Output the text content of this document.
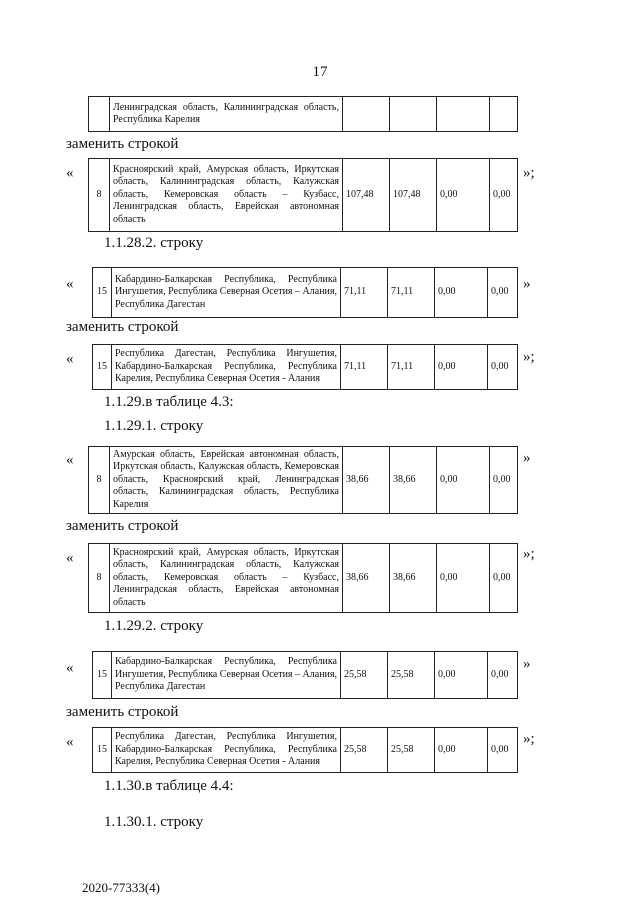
17
	Ленинградская область, Калининградская область, Республика Карелия				
заменить строкой
«
8	Красноярский край, Амурская область, Иркутская область, Калининградская область, Калужская область, Кемеровская область – Кузбасс, Ленинградская область, Еврейская автономная область	107,48	107,48	0,00	0,00
»;
1.1.28.2. строку
« 15	Кабардино-Балкарская Республика, Республика Ингушетия, Республика Северная Осетия – Алания, Республика Дагестан	71,11	71,11	0,00	0,00 »
заменить строкой
« 15	Республика Дагестан, Республика Ингушетия, Кабардино-Балкарская Республика, Республика Карелия, Республика Северная Осетия - Алания	71,11	71,11	0,00	0,00
»;
1.1.29.в таблице 4.3:
1.1.29.1. строку
«
8	Амурская область, Еврейская автономная область, Иркутская область, Калужская область, Кемеровская область, Красноярский край, Ленинградская область, Калининградская область, Республика Карелия	38,66	38,66	0,00	0,00
»
заменить строкой
«
8	Красноярский край, Амурская область, Иркутская область, Калининградская область, Калужская область, Кемеровская область – Кузбасс, Ленинградская область, Еврейская автономная область	38,66	38,66	0,00	0,00
»;
1.1.29.2. строку
« 15	Кабардино-Балкарская Республика, Республика Ингушетия, Республика Северная Осетия – Алания, Республика Дагестан	25,58	25,58	0,00	0,00
»
заменить строкой
« 15	Республика Дагестан, Республика Ингушетия, Кабардино-Балкарская Республика, Республика Карелия, Республика Северная Осетия - Алания	25,58	25,58	0,00	0,00
»;
1.1.30.в таблице 4.4:
1.1.30.1. строку
2020-77333(4)
